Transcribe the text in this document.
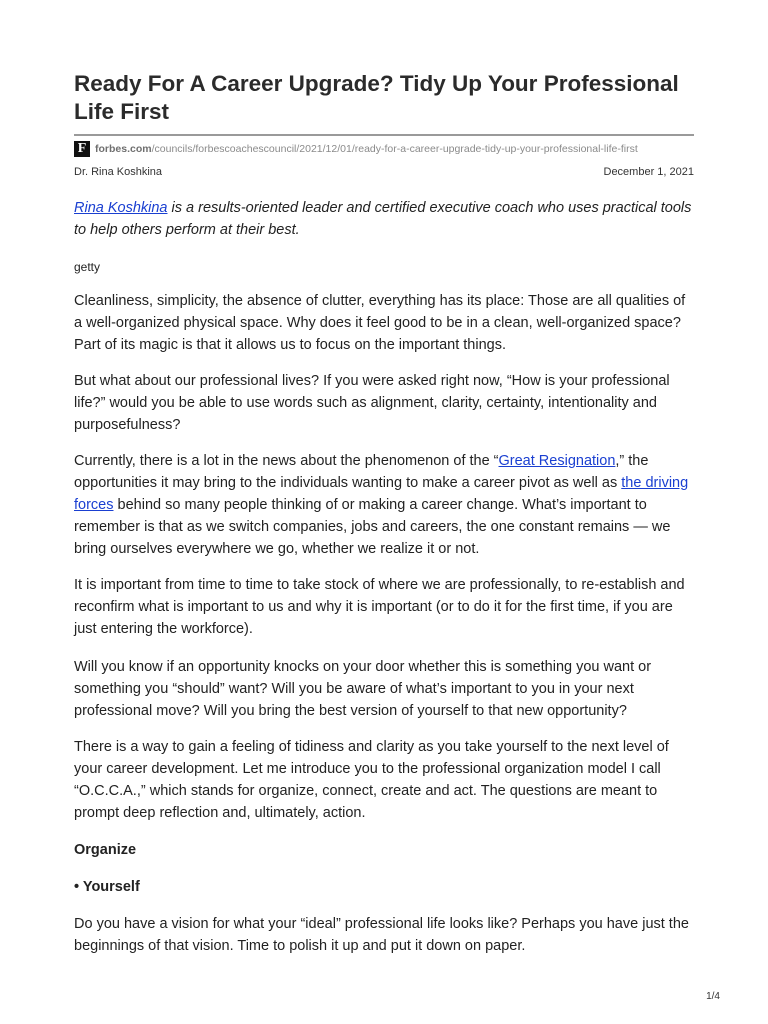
Ready For A Career Upgrade? Tidy Up Your Professional Life First
F forbes.com /councils/forbescoachescouncil/2021/12/01/ready-for-a-career-upgrade-tidy-up-your-professional-life-first
Dr. Rina Koshkina	December 1, 2021

Rina Koshkina is a results-oriented leader and certified executive coach who uses practical tools to help others perform at their best.

getty

Cleanliness, simplicity, the absence of clutter, everything has its place: Those are all qualities of a well-organized physical space. Why does it feel good to be in a clean, well-organized space? Part of its magic is that it allows us to focus on the important things.

But what about our professional lives? If you were asked right now, “How is your professional life?” would you be able to use words such as alignment, clarity, certainty, intentionality and purposefulness?

Currently, there is a lot in the news about the phenomenon of the “Great Resignation,” the opportunities it may bring to the individuals wanting to make a career pivot as well as the driving forces behind so many people thinking of or making a career change. What’s important to remember is that as we switch companies, jobs and careers, the one constant remains — we bring ourselves everywhere we go, whether we realize it or not.

It is important from time to time to take stock of where we are professionally, to re-establish and reconfirm what is important to us and why it is important (or to do it for the first time, if you are just entering the workforce).

Will you know if an opportunity knocks on your door whether this is something you want or something you “should” want? Will you be aware of what’s important to you in your next professional move? Will you bring the best version of yourself to that new opportunity?

There is a way to gain a feeling of tidiness and clarity as you take yourself to the next level of your career development. Let me introduce you to the professional organization model I call “O.C.C.A.,” which stands for organize, connect, create and act. The questions are meant to prompt deep reflection and, ultimately, action.

Organize

• Yourself

Do you have a vision for what your “ideal” professional life looks like? Perhaps you have just the beginnings of that vision. Time to polish it up and put it down on paper.

1/4
